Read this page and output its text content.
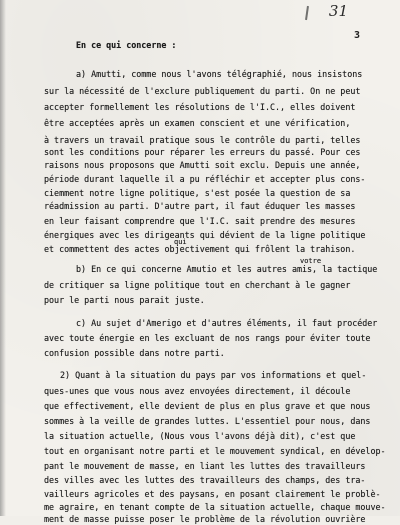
31
3
En ce qui concerne :
a) Amutti, comme nous l'avons télégraphié, nous insistons
sur la nécessité de l'exclure publiquement du parti. On ne peut
accepter formellement les résolutions de l'I.C., elles doivent
être acceptées après un examen conscient et une vérification,
à travers un travail pratique sous le contrôle du parti, telles
sont les conditions pour réparer les erreurs du passé. Pour ces
raisons nous proposons que Amutti soit exclu. Depuis une année,
période durant laquelle il a pu réfléchir et accepter plus cons-
ciemment notre ligne politique, s'est posée la question de sa
réadmission au parti. D'autre part, il faut éduquer les masses
en leur faisant comprendre que l'I.C. sait prendre des mesures
énergiques avec les dirigeants qui dévient de la ligne politique
qui
et commettent des actes objectivement qui frôlent la trahison.
votre
b) En ce qui concerne Amutio et les autres amis, la tactique
de critiquer sa ligne politique tout en cherchant à le gagner
pour le parti nous parait juste.
c) Au sujet d'Amerigo et d'autres éléments, il faut procéder
avec toute énergie en les excluant de nos rangs pour éviter toute
confusion possible dans notre parti.
2) Quant à la situation du pays par vos informations et quel-
ques-unes que vous nous avez envoyées directement, il découle
que effectivement, elle devient de plus en plus grave et que nous
sommes à la veille de grandes luttes. L'essentiel pour nous, dans
la situation actuelle, (Nous vous l'avons déjà dit), c'est que
tout en organisant notre parti et le mouvement syndical, en dévelop-
pant le mouvement de masse, en liant les luttes des travailleurs
des villes avec les luttes des travailleurs des champs, des tra-
vailleurs agricoles et des paysans, en posant clairement le problè-
me agraire, en tenant compte de la situation actuelle, chaque mouve-
ment de masse puisse poser le problème de la révolution ouvrière
